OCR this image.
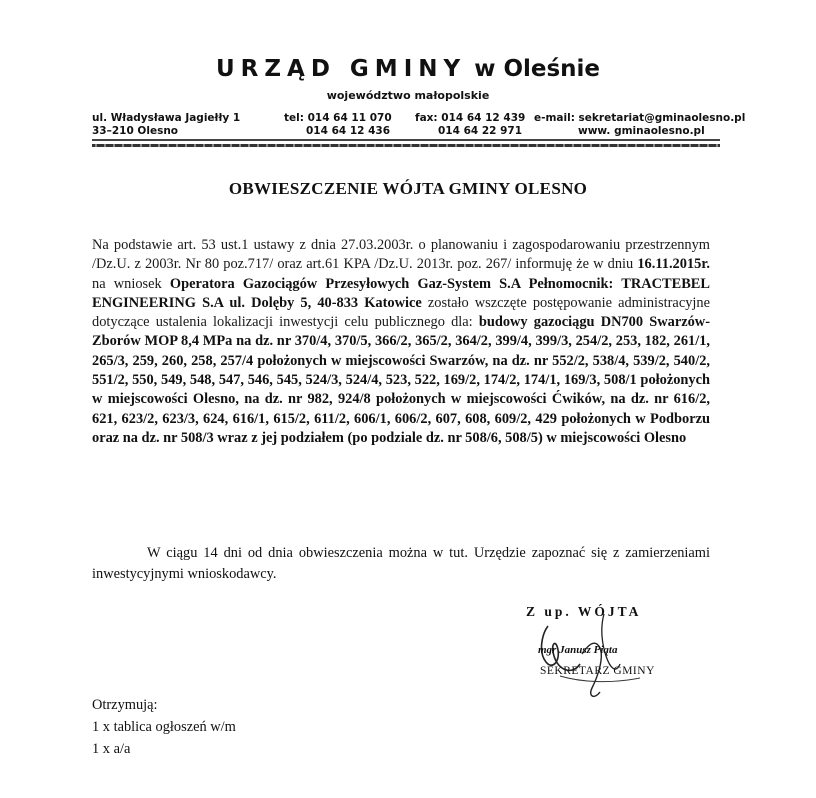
URZĄD GMINY w Oleśnie
województwo małopolskie
ul. Władysława Jagiełły 1
33–210 Olesno
tel: 014 64 11 070
014 64 12 436
fax: 014 64 12 439
014 64 22 971
e-mail: sekretariat@gminaolesno.pl
www. gminaolesno.pl
OBWIESZCZENIE WÓJTA GMINY OLESNO

Na podstawie art. 53 ust.1 ustawy z dnia 27.03.2003r. o planowaniu i zagospodarowaniu przestrzennym /Dz.U. z 2003r. Nr 80 poz.717/ oraz art.61 KPA /Dz.U. 2013r. poz. 267/ informuję że w dniu 16.11.2015r. na wniosek Operatora Gazociągów Przesyłowych Gaz-System S.A Pełnomocnik: TRACTEBEL ENGINEERING S.A ul. Dolęby 5, 40-833 Katowice zostało wszczęte postępowanie administracyjne dotyczące ustalenia lokalizacji inwestycji celu publicznego dla: budowy gazociągu DN700 Swarzów-Zborów MOP 8,4 MPa na dz. nr 370/4, 370/5, 366/2, 365/2, 364/2, 399/4, 399/3, 254/2, 253, 182, 261/1, 265/3, 259, 260, 258, 257/4 położonych w miejscowości Swarzów, na dz. nr 552/2, 538/4, 539/2, 540/2, 551/2, 550, 549, 548, 547, 546, 545, 524/3, 524/4, 523, 522, 169/2, 174/2, 174/1, 169/3, 508/1 położonych w miejscowości Olesno, na dz. nr 982, 924/8 położonych w miejscowości Ćwików, na dz. nr 616/2, 621, 623/2, 623/3, 624, 616/1, 615/2, 611/2, 606/1, 606/2, 607, 608, 609/2, 429 położonych w Podborzu oraz na dz. nr 508/3 wraz z jej podziałem (po podziale dz. nr 508/6, 508/5) w miejscowości Olesno

W ciągu 14 dni od dnia obwieszczenia można w tut. Urzędzie zapoznać się z zamierzeniami inwestycyjnymi wnioskodawcy.
Z up. WÓJTA
mgr Janusz Piąta
SEKRETARZ GMINY
Otrzymują:
1 x tablica ogłoszeń w/m
1 x a/a
